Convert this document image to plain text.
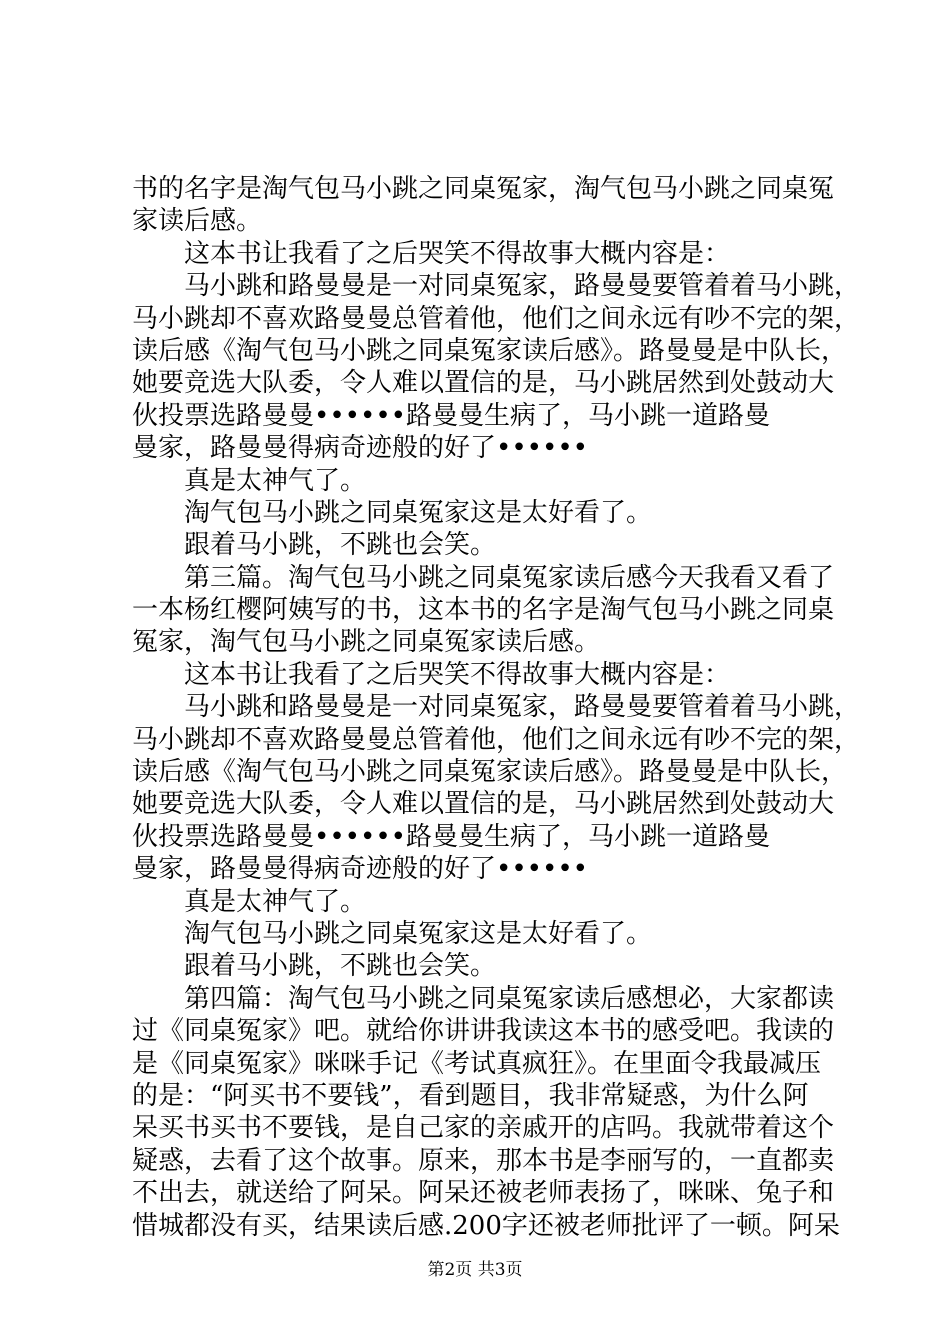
书的名字是淘气包马小跳之同桌冤家，淘气包马小跳之同桌冤
家读后感。
这本书让我看了之后哭笑不得故事大概内容是：
马小跳和路曼曼是一对同桌冤家，路曼曼要管着着马小跳，
马小跳却不喜欢路曼曼总管着他，他们之间永远有吵不完的架，
读后感《淘气包马小跳之同桌冤家读后感》。路曼曼是中队长，
她要竞选大队委，令人难以置信的是，马小跳居然到处鼓动大
伙投票选路曼曼••••••路曼曼生病了，马小跳一道路曼
曼家，路曼曼得病奇迹般的好了••••••
真是太神气了。
淘气包马小跳之同桌冤家这是太好看了。
跟着马小跳，不跳也会笑。
第三篇。淘气包马小跳之同桌冤家读后感今天我看又看了
一本杨红樱阿姨写的书，这本书的名字是淘气包马小跳之同桌
冤家，淘气包马小跳之同桌冤家读后感。
这本书让我看了之后哭笑不得故事大概内容是：
马小跳和路曼曼是一对同桌冤家，路曼曼要管着着马小跳，
马小跳却不喜欢路曼曼总管着他，他们之间永远有吵不完的架，
读后感《淘气包马小跳之同桌冤家读后感》。路曼曼是中队长，
她要竞选大队委，令人难以置信的是，马小跳居然到处鼓动大
伙投票选路曼曼••••••路曼曼生病了，马小跳一道路曼
曼家，路曼曼得病奇迹般的好了••••••
真是太神气了。
淘气包马小跳之同桌冤家这是太好看了。
跟着马小跳，不跳也会笑。
第四篇：淘气包马小跳之同桌冤家读后感想必，大家都读
过《同桌冤家》吧。就给你讲讲我读这本书的感受吧。我读的
是《同桌冤家》咪咪手记《考试真疯狂》。在里面令我最减压
的是：“阿买书不要钱”，看到题目，我非常疑惑，为什么阿
呆买书买书不要钱，是自己家的亲戚开的店吗。我就带着这个
疑惑，去看了这个故事。原来，那本书是李丽写的，一直都卖
不出去，就送给了阿呆。阿呆还被老师表扬了，咪咪、兔子和
惜城都没有买，结果读后感.200字还被老师批评了一顿。阿呆
第2页 共3页
